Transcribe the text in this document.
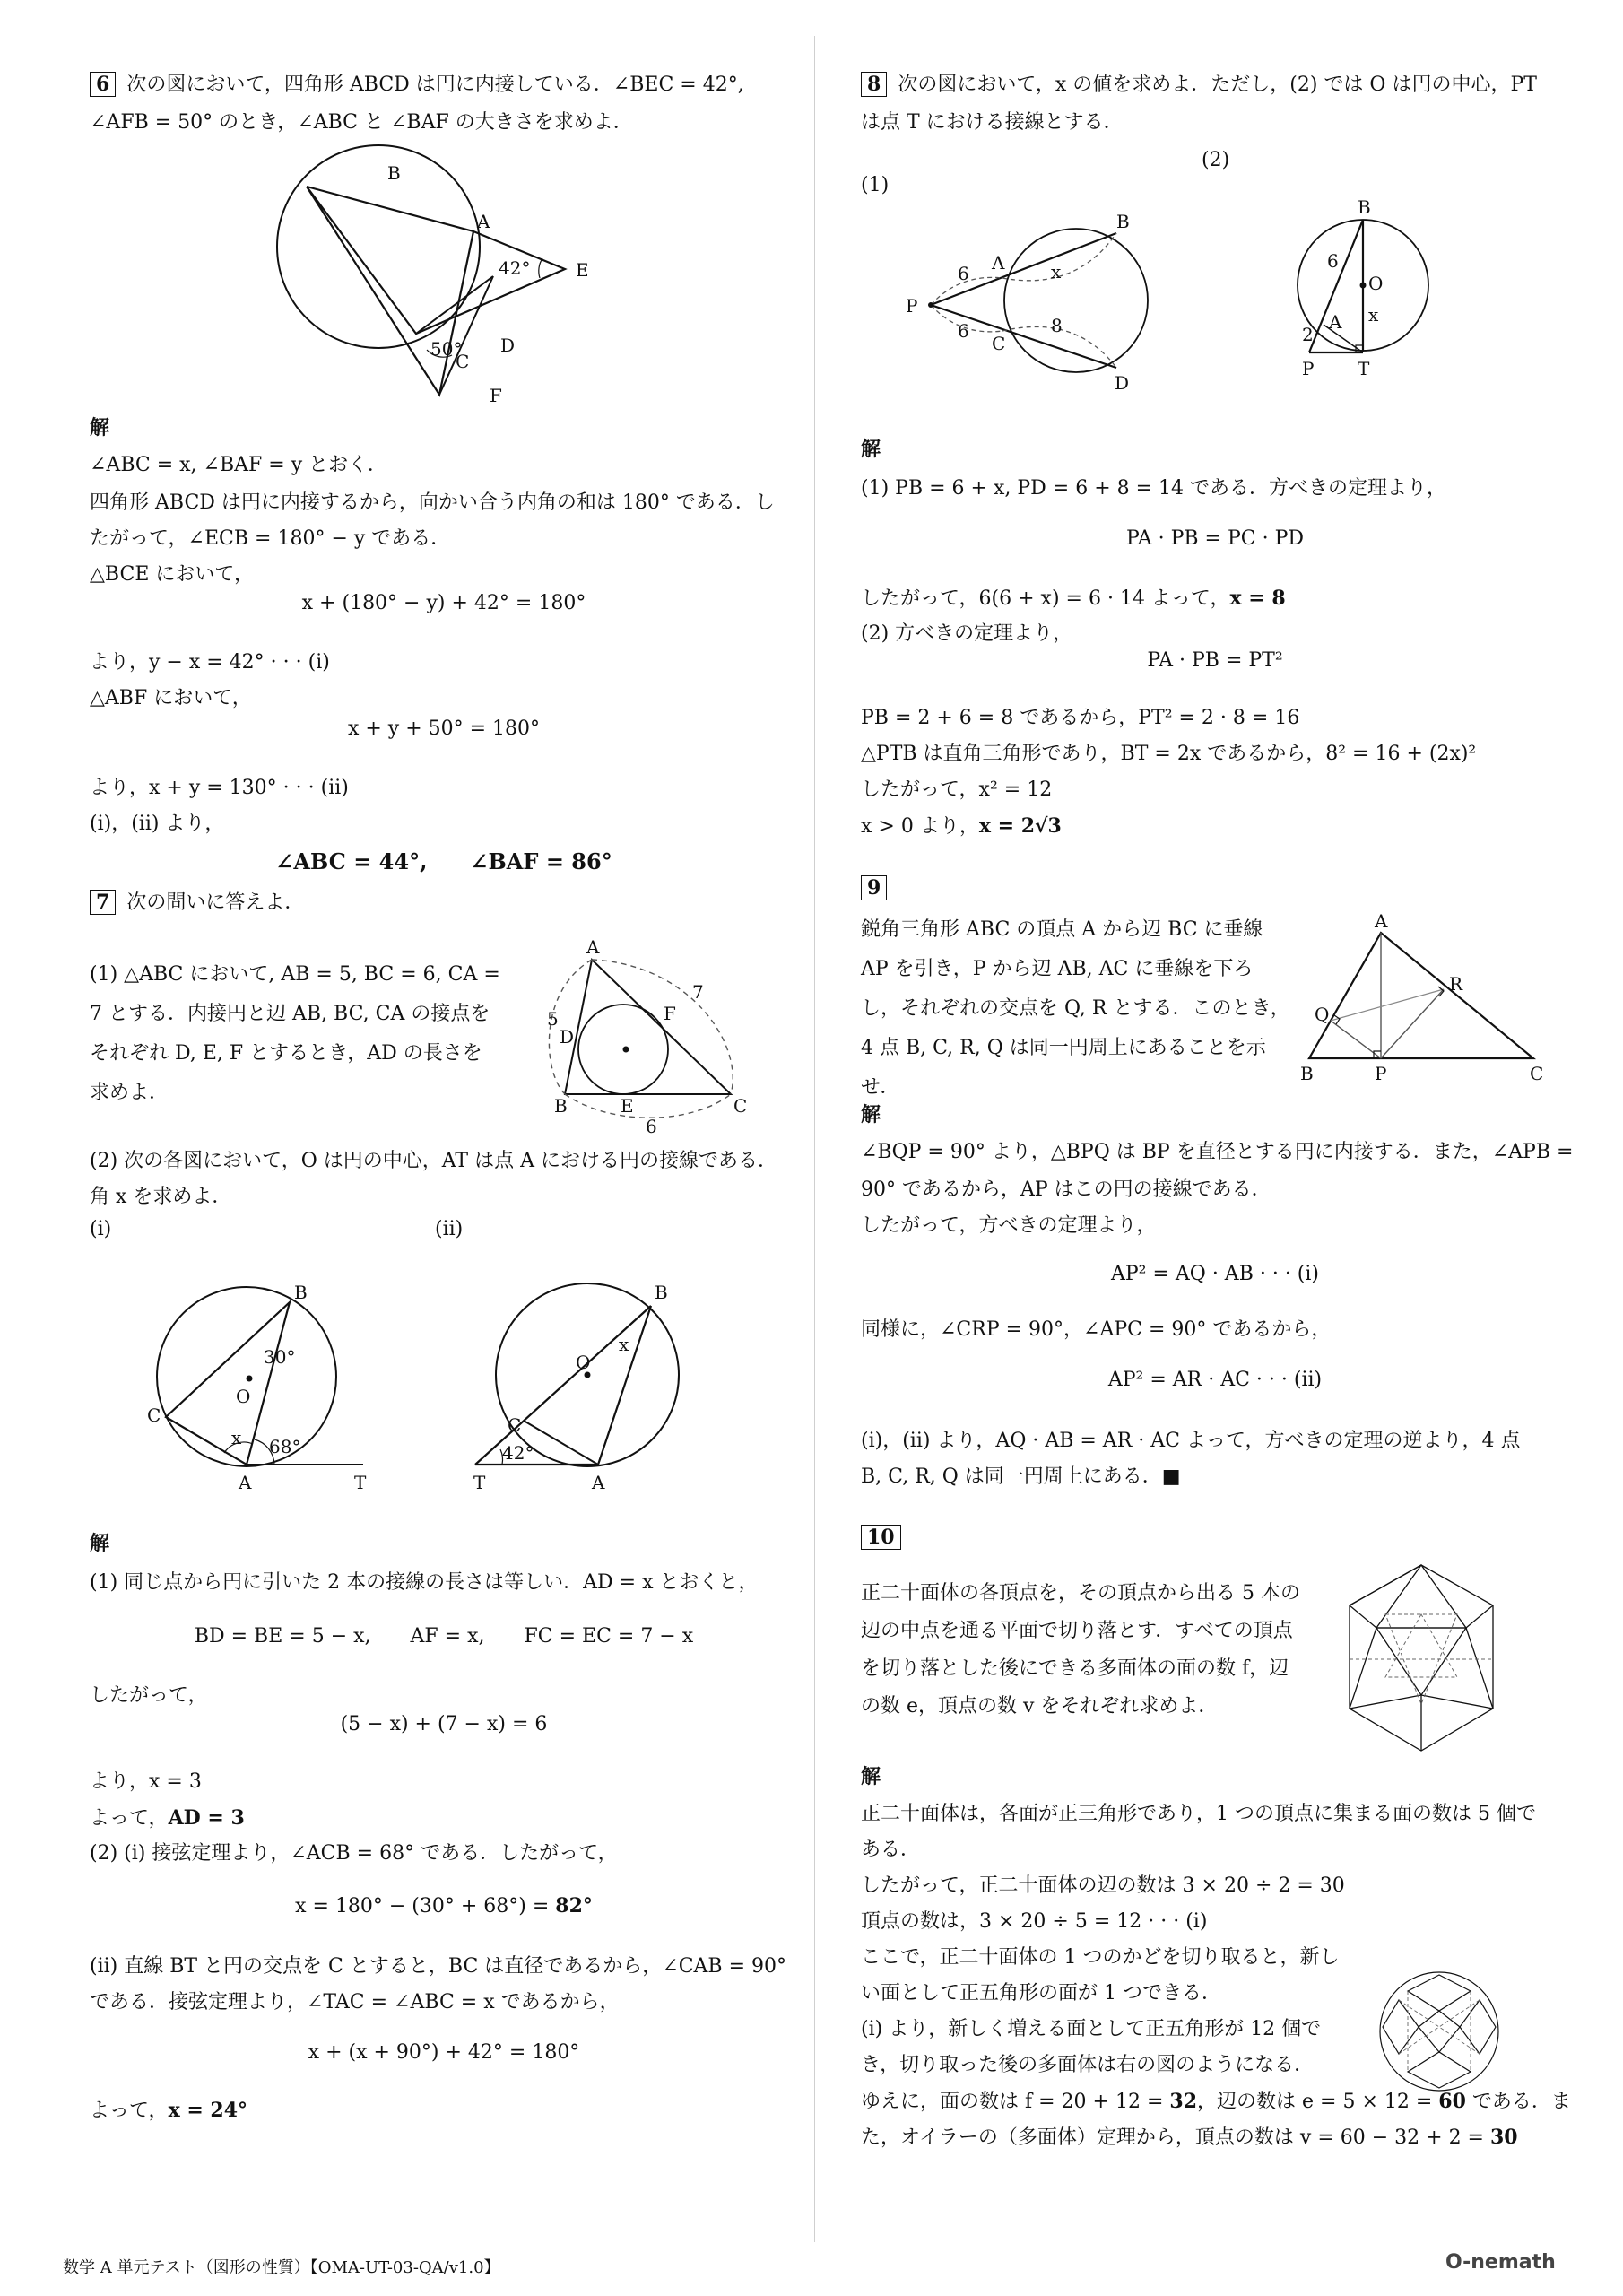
6 次の図において，四角形 ABCD は円に内接している．∠BEC = 42°,
∠AFB = 50° のとき，∠ABC と ∠BAF の大きさを求めよ．
B
A
E
C
D
F
42°
50°
解
∠ABC = x, ∠BAF = y とおく．
四角形 ABCD は円に内接するから，向かい合う内角の和は 180° である．し
たがって，∠ECB = 180° − y である．
△BCE において，
x + (180° − y) + 42° = 180°
より，y − x = 42° · · · (i)
△ABF において，
x + y + 50° = 180°
より，x + y = 130° · · · (ii)
(i)，(ii) より，
∠ABC = 44°,　　∠BAF = 86°
7 次の問いに答えよ．
(1) △ABC において, AB = 5, BC = 6, CA =
7 とする．内接円と辺 AB, BC, CA の接点を
それぞれ D, E, F とするとき，AD の長さを
求めよ．
A
B	C
D
E
F
5
6
7
(2) 次の各図において，O は円の中心，AT は点 A における円の接線である．
角 x を求めよ．
(i)	(ii)
B
O
C
A	T
x
30°
68°
B
O
C
A
T
x
42°
解
(1) 同じ点から円に引いた 2 本の接線の長さは等しい．AD = x とおくと，
BD = BE = 5 − x,　　AF = x,　　FC = EC = 7 − x
したがって，
(5 − x) + (7 − x) = 6
より，x = 3
よって，AD = 3
(2) (i) 接弦定理より，∠ACB = 68° である．したがって，
x = 180° − (30° + 68°) = 82°
(ii) 直線 BT と円の交点を C とすると，BC は直径であるから，∠CAB = 90°
である．接弦定理より，∠TAC = ∠ABC = x であるから，
x + (x + 90°) + 42° = 180°
よって，x = 24°
8 次の図において，x の値を求めよ．ただし，(2) では O は円の中心，PT
は点 T における接線とする．
(2)
(1)
P
A
B
C
D
6
6
x
8
B
O
A
P T
6
2
x
解
(1) PB = 6 + x, PD = 6 + 8 = 14 である．方べきの定理より，
PA · PB = PC · PD
したがって，6(6 + x) = 6 · 14 よって，x = 8
(2) 方べきの定理より，
PA · PB = PT²
PB = 2 + 6 = 8 であるから，PT² = 2 · 8 = 16
△PTB は直角三角形であり，BT = 2x であるから，8² = 16 + (2x)²
したがって，x² = 12
x > 0 より，x = 2√3
9
鋭角三角形 ABC の頂点 A から辺 BC に垂線
AP を引き，P から辺 AB, AC に垂線を下ろ
し，それぞれの交点を Q, R とする．このとき，
4 点 B, C, R, Q は同一円周上にあることを示
せ．
A
B	C
P
Q
R
解
∠BQP = 90° より，△BPQ は BP を直径とする円に内接する．また，∠APB =
90° であるから，AP はこの円の接線である．
したがって，方べきの定理より，
AP² = AQ · AB · · · (i)
同様に，∠CRP = 90°，∠APC = 90° であるから，
AP² = AR · AC · · · (ii)
(i)，(ii) より，AQ · AB = AR · AC よって，方べきの定理の逆より，4 点
B, C, R, Q は同一円周上にある．■
10
正二十面体の各頂点を，その頂点から出る 5 本の
辺の中点を通る平面で切り落とす．すべての頂点
を切り落とした後にできる多面体の面の数 f，辺
の数 e，頂点の数 v をそれぞれ求めよ．
解
正二十面体は，各面が正三角形であり，1 つの頂点に集まる面の数は 5 個で
ある．
したがって，正二十面体の辺の数は 3 × 20 ÷ 2 = 30
頂点の数は，3 × 20 ÷ 5 = 12 · · · (i)
ここで，正二十面体の 1 つのかどを切り取ると，新し
い面として正五角形の面が 1 つできる．
(i) より，新しく増える面として正五角形が 12 個で
き，切り取った後の多面体は右の図のようになる．
ゆえに，面の数は f = 20 + 12 = 32，辺の数は e = 5 × 12 = 60 である．ま
た，オイラーの（多面体）定理から，頂点の数は v = 60 − 32 + 2 = 30
数学 A 単元テスト（図形の性質）【OMA-UT-03-QA/v1.0】	O-nemath
